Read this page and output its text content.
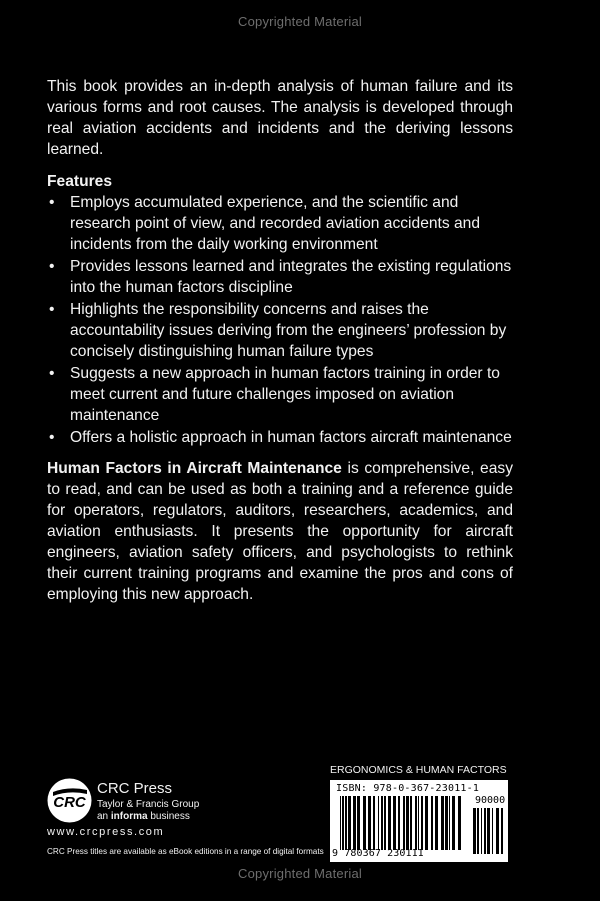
Copyrighted Material

This book provides an in-depth analysis of human failure and its various forms and root causes. The analysis is developed through real aviation accidents and incidents and the deriving lessons learned.

Features

• Employs accumulated experience, and the scientific and research point of view, and recorded aviation accidents and incidents from the daily working environment
• Provides lessons learned and integrates the existing regulations into the human factors discipline
• Highlights the responsibility concerns and raises the accountability issues deriving from the engineers’ profession by concisely distinguishing human failure types
• Suggests a new approach in human factors training in order to meet current and future challenges imposed on aviation maintenance
• Offers a holistic approach in human factors aircraft maintenance

Human Factors in Aircraft Maintenance is comprehensive, easy to read, and can be used as both a training and a reference guide for operators, regulators, auditors, researchers, academics, and aviation enthusiasts. It presents the opportunity for aircraft engineers, aviation safety officers, and psychologists to rethink their current training programs and examine the pros and cons of employing this new approach.

CRC
CRC Press
Taylor & Francis Group
an informa business
www.crcpress.com
CRC Press titles are available as eBook editions in a range of digital formats
ERGONOMICS & HUMAN FACTORS
ISBN: 978-0-367-23011-1
9 780367 230111
90000
Copyrighted Material
